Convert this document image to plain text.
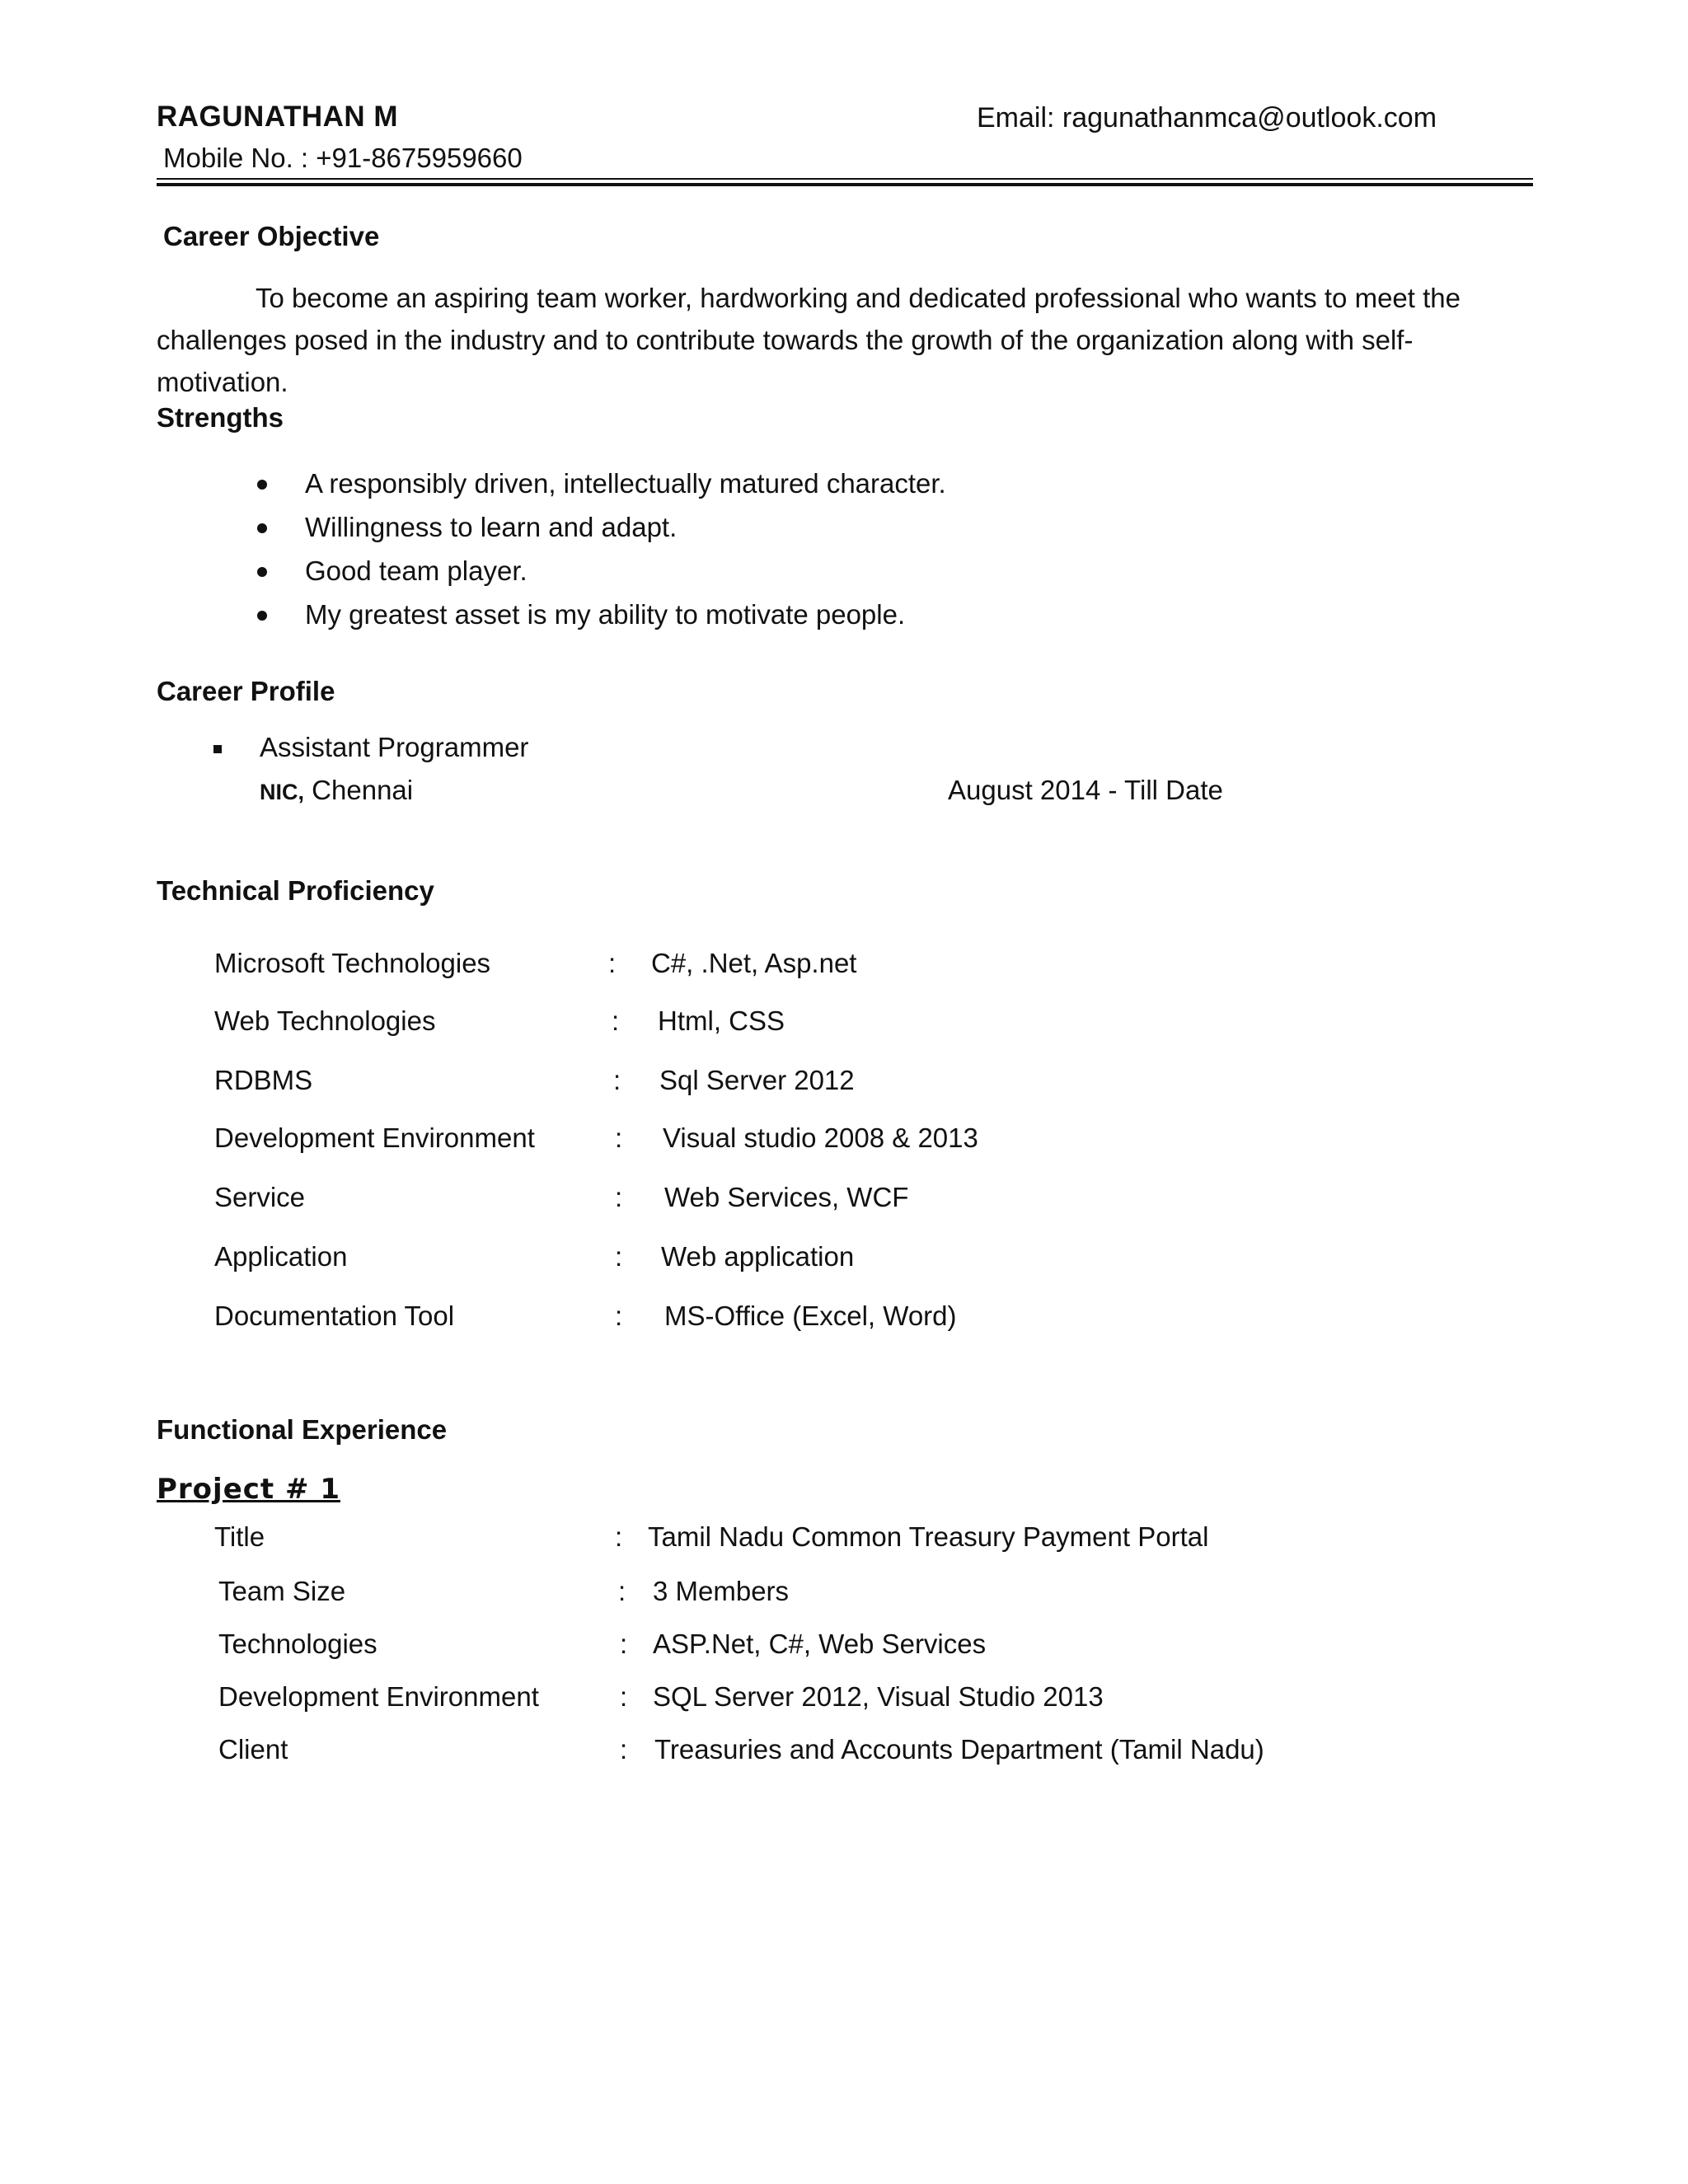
RAGUNATHAN M	Email: ragunathanmca@outlook.com
Mobile No. : +91-8675959660
Career Objective
To become an aspiring team worker, hardworking and dedicated professional who wants to meet the challenges posed in the industry and to contribute towards the growth of the organization along with self-motivation.
Strengths
A responsibly driven, intellectually matured character.
Willingness to learn and adapt.
Good team player.
My greatest asset is my ability to motivate people.
Career Profile
Assistant Programmer
NIC, Chennai	August 2014 - Till Date
Technical Proficiency
Microsoft Technologies	: C#, .Net, Asp.net
Web Technologies	: Html, CSS
RDBMS	: Sql Server 2012
Development Environment	: Visual studio 2008 & 2013
Service	: Web Services, WCF
Application	: Web application
Documentation Tool	: MS-Office (Excel, Word)
Functional Experience
Project # 1
Title	: Tamil Nadu Common Treasury Payment Portal
Team Size	: 3 Members
Technologies	: ASP.Net, C#, Web Services
Development Environment	: SQL Server 2012, Visual Studio 2013
Client	: Treasuries and Accounts Department (Tamil Nadu)
